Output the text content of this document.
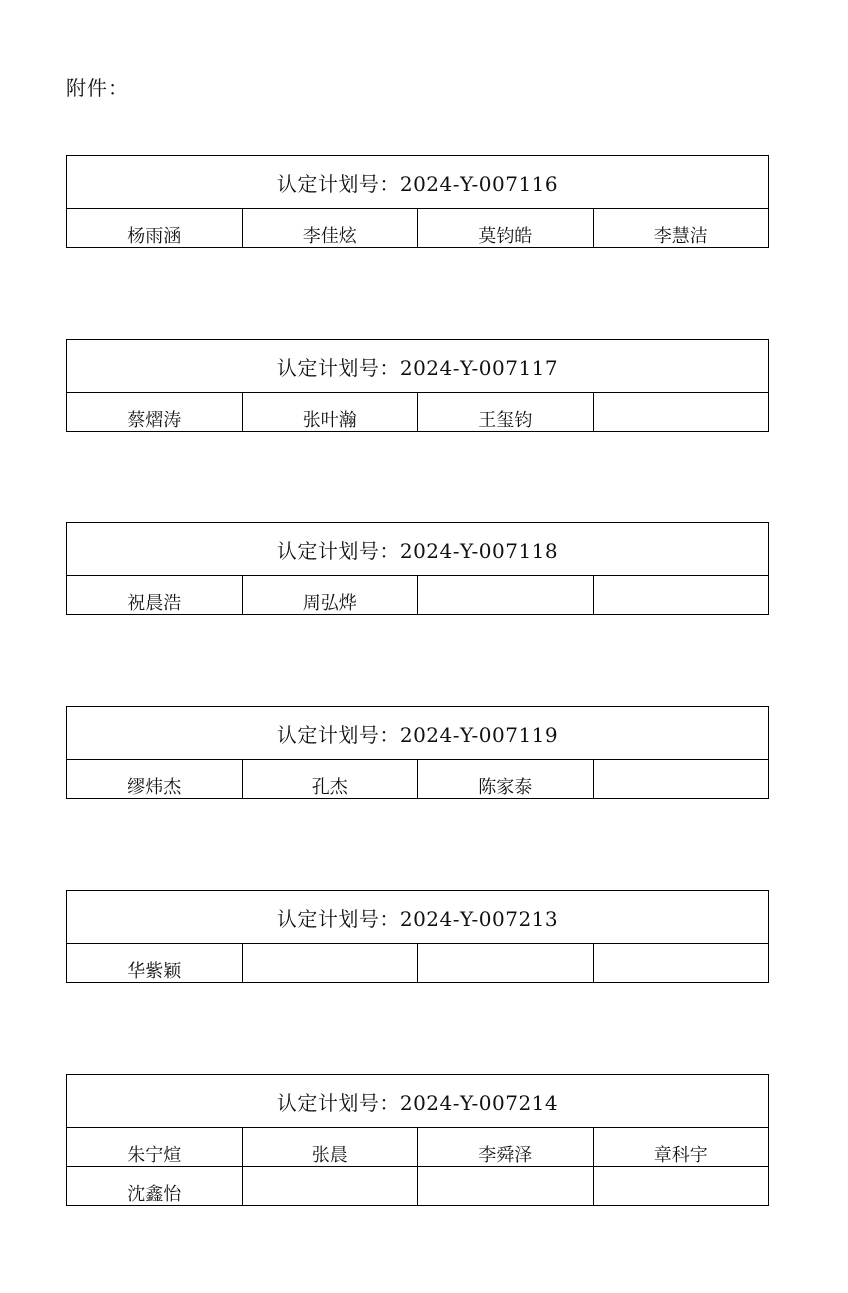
附件：
认定计划号：2024-Y-007116
杨雨涵	李佳炫	莫钧皓	李慧洁
认定计划号：2024-Y-007117
蔡熠涛	张叶瀚	王玺钧	
认定计划号：2024-Y-007118
祝晨浩	周弘烨		
认定计划号：2024-Y-007119
缪炜杰	孔杰	陈家泰	
认定计划号：2024-Y-007213
华紫颖			
认定计划号：2024-Y-007214			
朱宁煊	张晨	李舜泽	章科宇
沈鑫怡			
